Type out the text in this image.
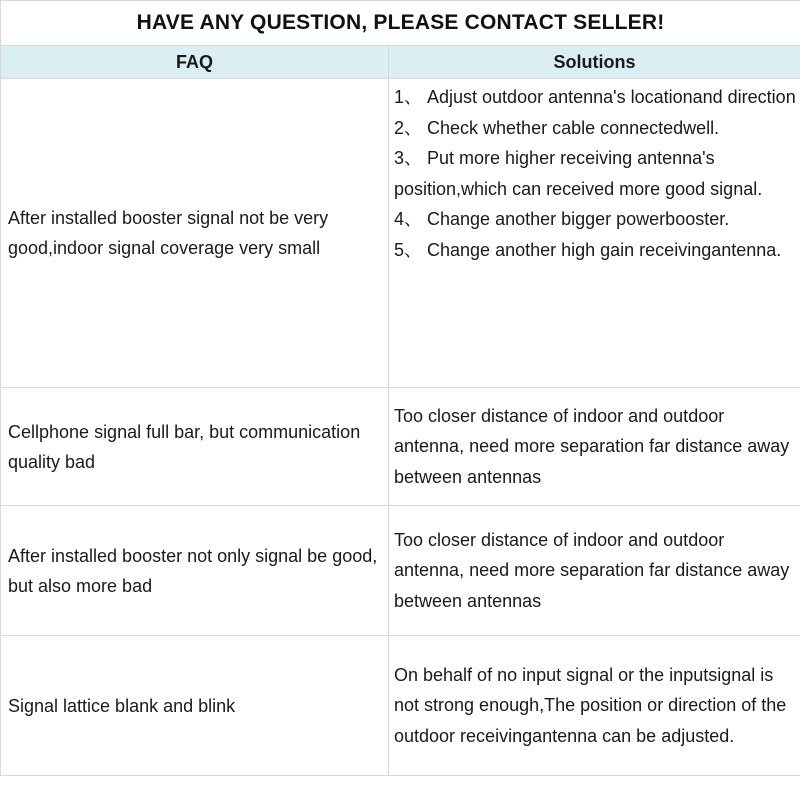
HAVE ANY QUESTION, PLEASE CONTACT SELLER!	
FAQ	Solutions
After installed booster signal not be very good,indoor signal coverage very small	1、 Adjust outdoor antenna's locationand direction
2、 Check whether cable connectedwell.
3、 Put more higher receiving antenna's position,which can received more good signal.
4、 Change another bigger powerbooster.
5、 Change another high gain receivingantenna.

Cellphone signal full bar, but communication quality bad	Too closer distance of indoor and outdoor antenna, need more separation far distance away between antennas

After installed booster not only signal be good, but also more bad	Too closer distance of indoor and outdoor antenna, need more separation far distance away between antennas

Signal lattice blank and blink	On behalf of no input signal or the inputsignal is not strong enough,The position or direction of the outdoor receivingantenna can be adjusted.
